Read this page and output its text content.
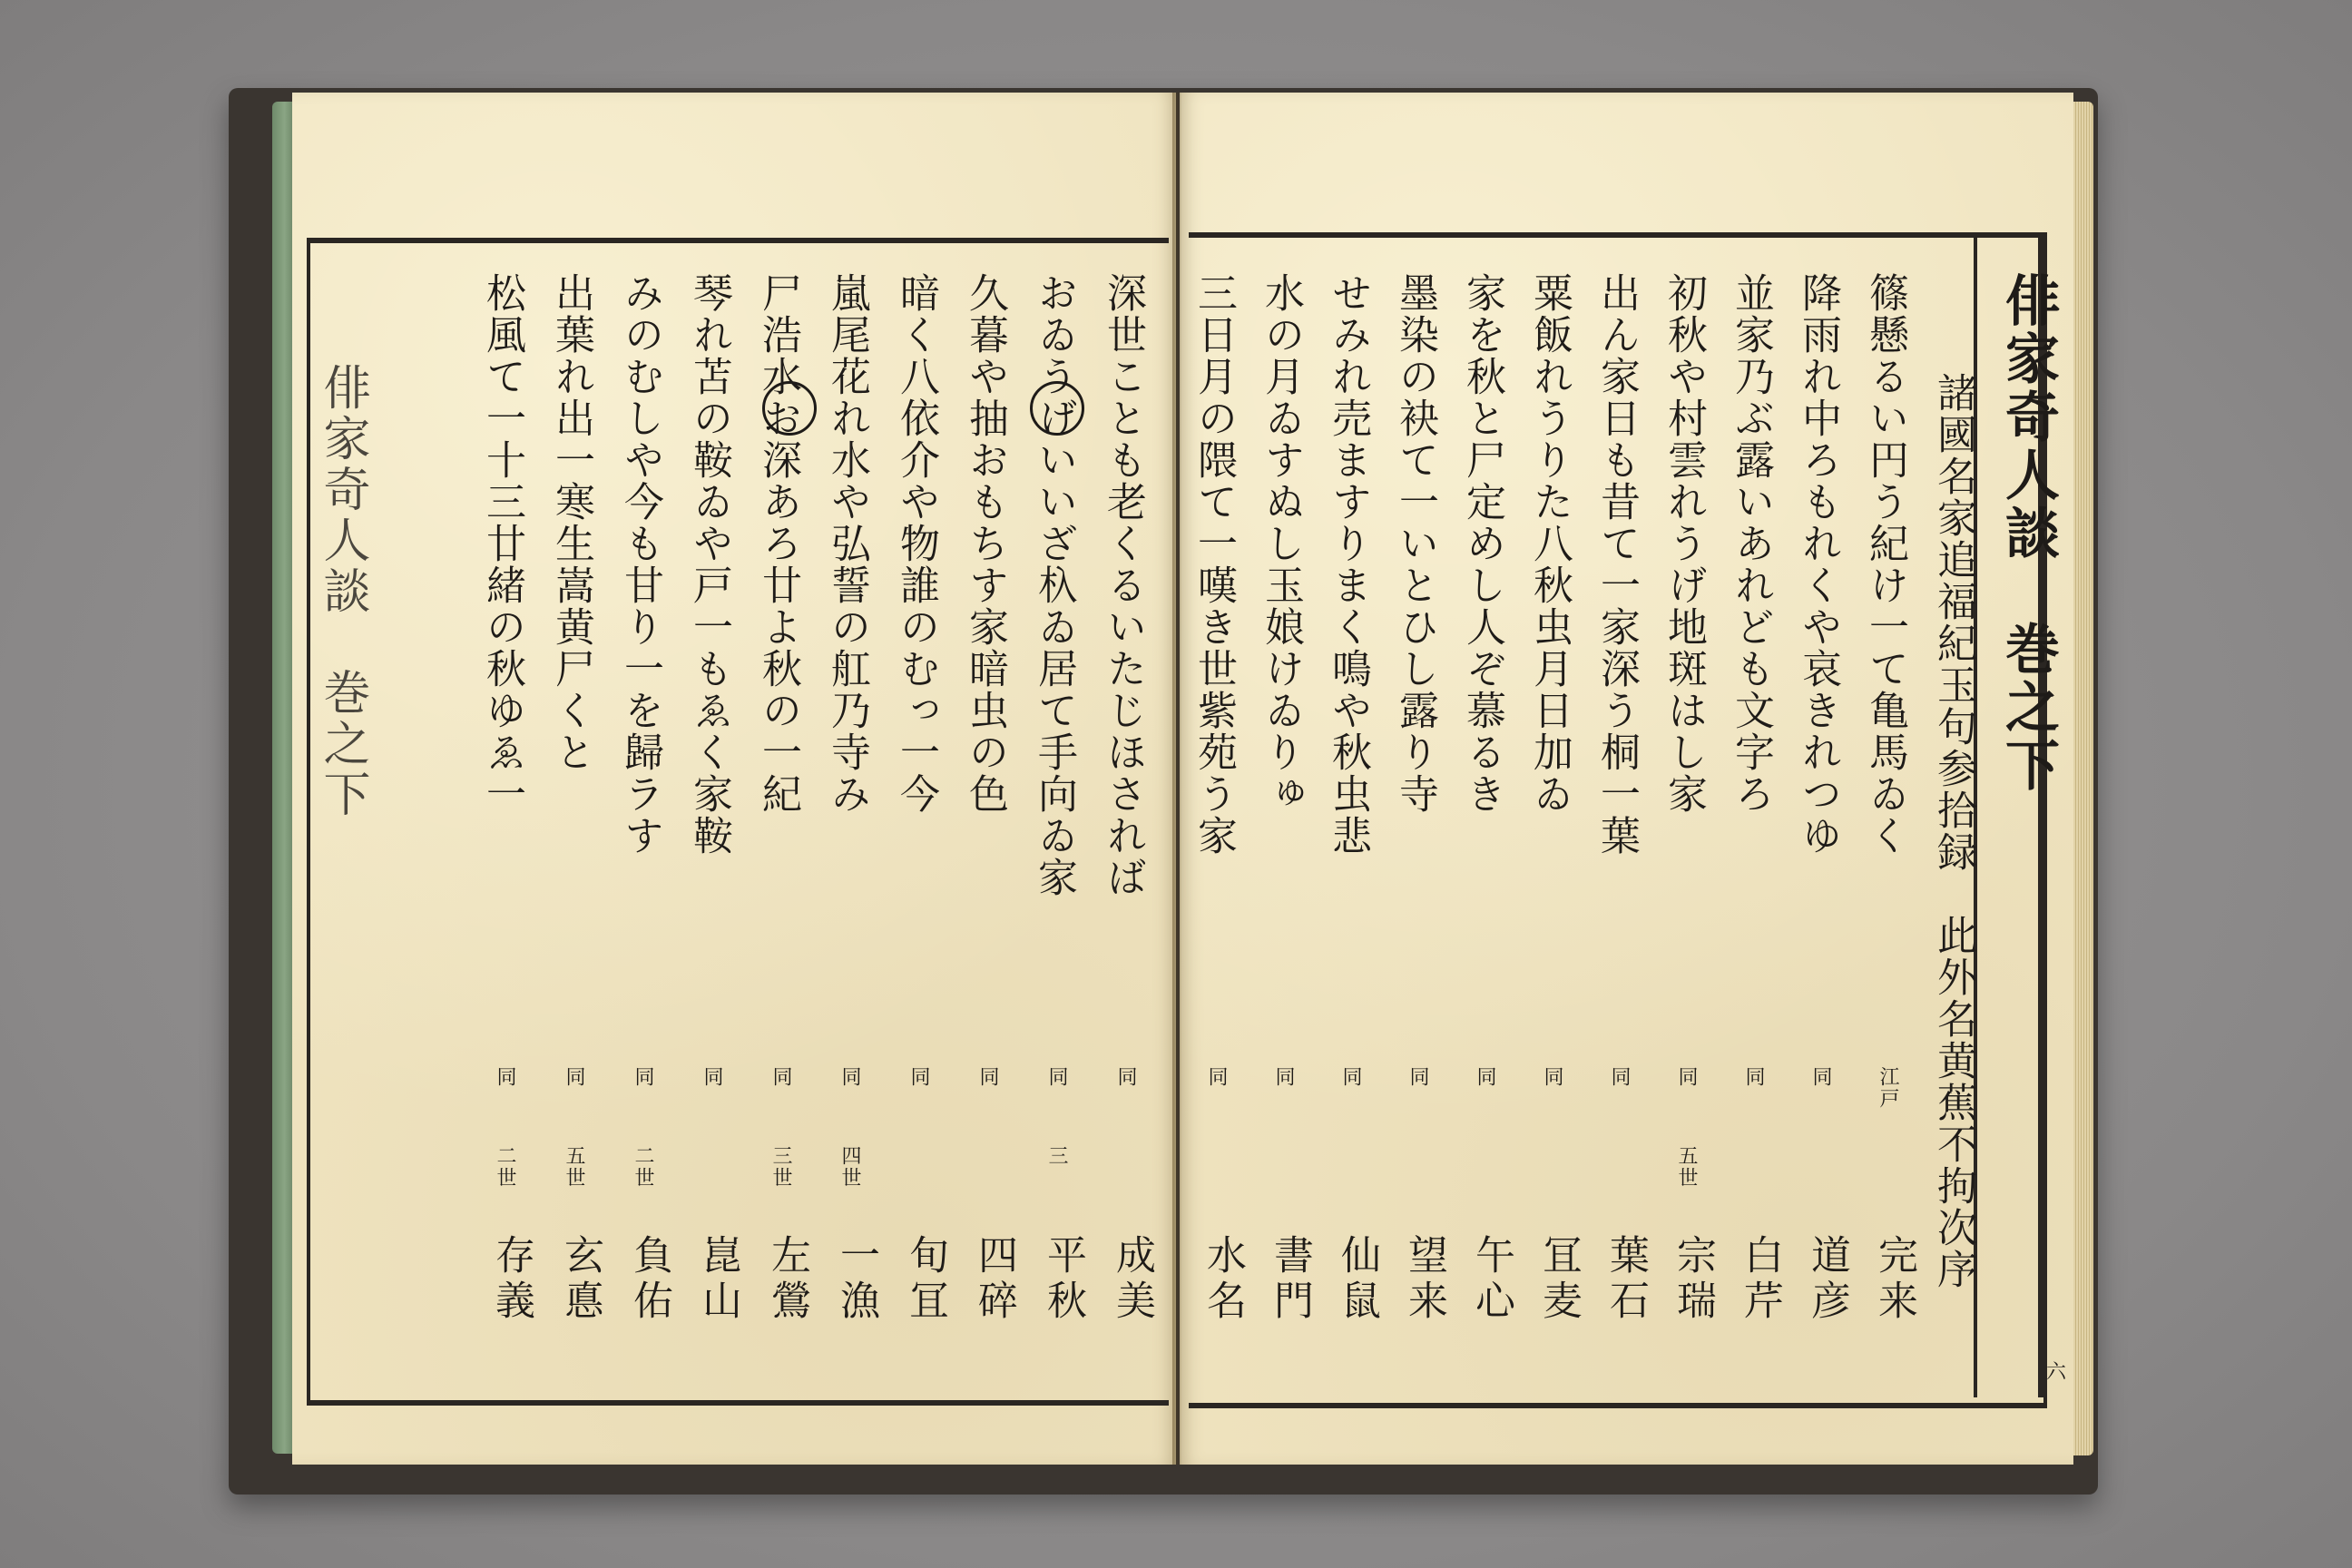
俳家奇人談　巻之下	俳家奇人談　巻之下
諸國名家追福紀玉句参拾録　此外名黄蕉不拘次序
六
深世ことも老くるいたじほされば
同
成美
おゐうげいいざ杁ゐ居て手向ゐ家
同
三
平秋
久暮や抽おもちす家暗虫の色
同
四碎
暗く八依介や物誰のむっ一今
同
旬冝
嵐尾花れ水や弘誓の舡乃寺み
同
四世
一漁
尸浩水お深あろ廿よ秋の一紀
同
三世
左鶯
琴れ苫の鞍ゐや戸一もゑく家鞍
同
崑山
みのむしや今も甘り一を歸ラす
同
二世
負佑
出葉れ出一寒生嵩黄尸くと
同
五世
玄悳
松風て一十三廿緒の秋ゆゑ一
同
二世
存義
篠懸るい円う紀け一て亀馬ゐく
江戸
完来
降雨れ中ろもれくや哀きれつゆ
同
道彦
並家乃ぶ露いあれども文字ろ
同
白芹
初秋や村雲れうげ地斑はし家
同
五世
宗瑞
出ん家日も昔て一家深う桐一葉
同
葉石
粟飯れうりた八秋虫月日加ゐ
同
冝麦
家を秋と尸定めし人ぞ慕るき
同
午心
墨染の袂て一いとひし露り寺
同
望来
せみれ売ますりまく鳴や秋虫悲
同
仙鼠
水の月ゐすぬし玉娘けゐりゅ
同
書門
三日月の隈て一嘆き世紫苑う家
同
水名
